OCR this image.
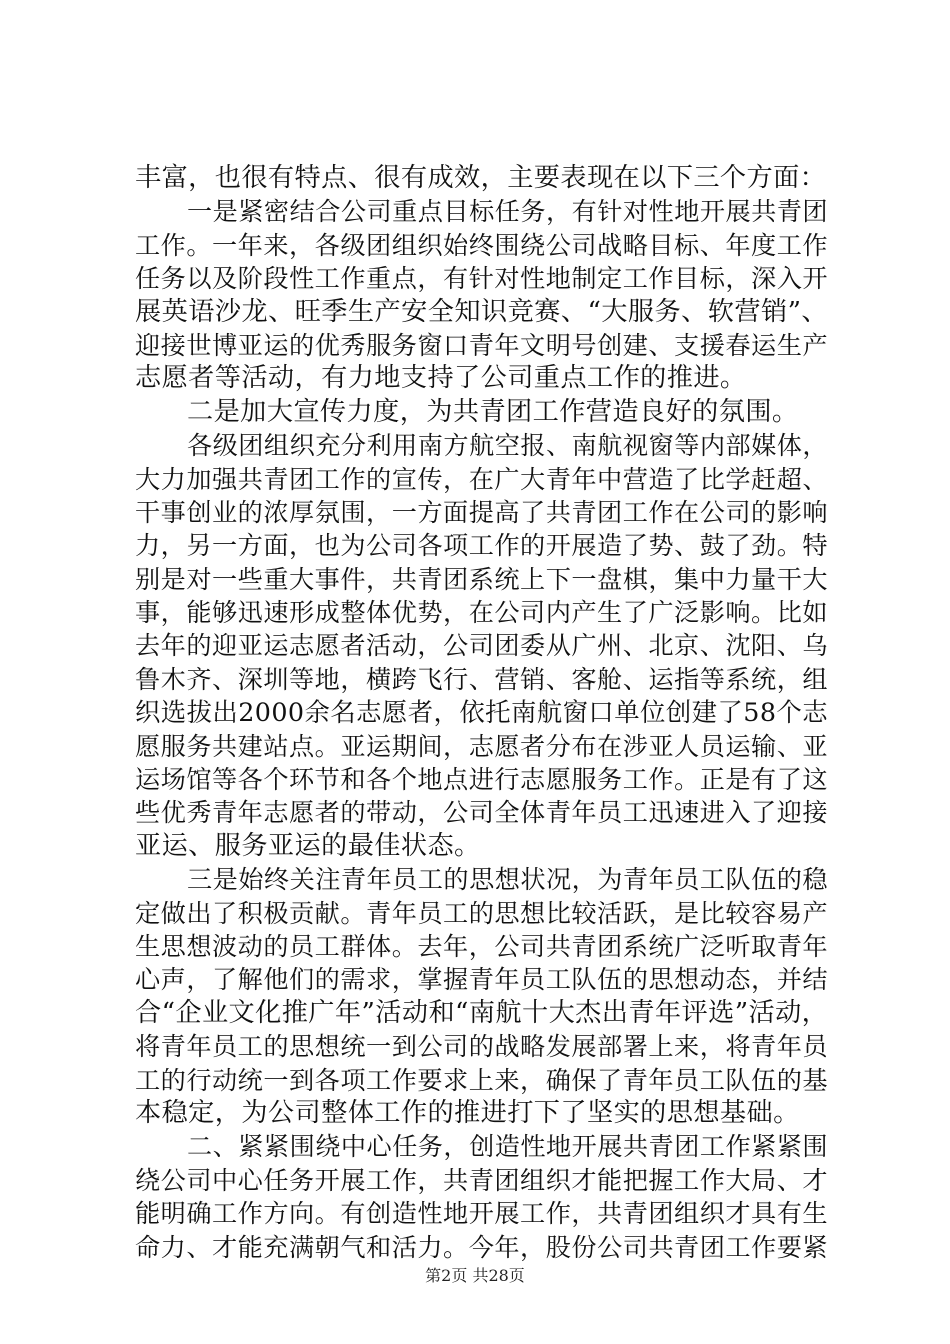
丰富，也很有特点、很有成效，主要表现在以下三个方面：
一是紧密结合公司重点目标任务，有针对性地开展共青团
工作。一年来，各级团组织始终围绕公司战略目标、年度工作
任务以及阶段性工作重点，有针对性地制定工作目标，深入开
展英语沙龙、旺季生产安全知识竞赛、“大服务、软营销”、
迎接世博亚运的优秀服务窗口青年文明号创建、支援春运生产
志愿者等活动，有力地支持了公司重点工作的推进。
二是加大宣传力度，为共青团工作营造良好的氛围。
各级团组织充分利用南方航空报、南航视窗等内部媒体，
大力加强共青团工作的宣传，在广大青年中营造了比学赶超、
干事创业的浓厚氛围，一方面提高了共青团工作在公司的影响
力，另一方面，也为公司各项工作的开展造了势、鼓了劲。特
别是对一些重大事件，共青团系统上下一盘棋，集中力量干大
事，能够迅速形成整体优势，在公司内产生了广泛影响。比如
去年的迎亚运志愿者活动，公司团委从广州、北京、沈阳、乌
鲁木齐、深圳等地，横跨飞行、营销、客舱、运指等系统，组
织选拔出2000余名志愿者，依托南航窗口单位创建了58个志
愿服务共建站点。亚运期间，志愿者分布在涉亚人员运输、亚
运场馆等各个环节和各个地点进行志愿服务工作。正是有了这
些优秀青年志愿者的带动，公司全体青年员工迅速进入了迎接
亚运、服务亚运的最佳状态。
三是始终关注青年员工的思想状况，为青年员工队伍的稳
定做出了积极贡献。青年员工的思想比较活跃，是比较容易产
生思想波动的员工群体。去年，公司共青团系统广泛听取青年
心声，了解他们的需求，掌握青年员工队伍的思想动态，并结
合“企业文化推广年”活动和“南航十大杰出青年评选”活动，
将青年员工的思想统一到公司的战略发展部署上来，将青年员
工的行动统一到各项工作要求上来，确保了青年员工队伍的基
本稳定，为公司整体工作的推进打下了坚实的思想基础。
二、紧紧围绕中心任务，创造性地开展共青团工作紧紧围
绕公司中心任务开展工作，共青团组织才能把握工作大局、才
能明确工作方向。有创造性地开展工作，共青团组织才具有生
命力、才能充满朝气和活力。今年，股份公司共青团工作要紧
第2页 共28页
